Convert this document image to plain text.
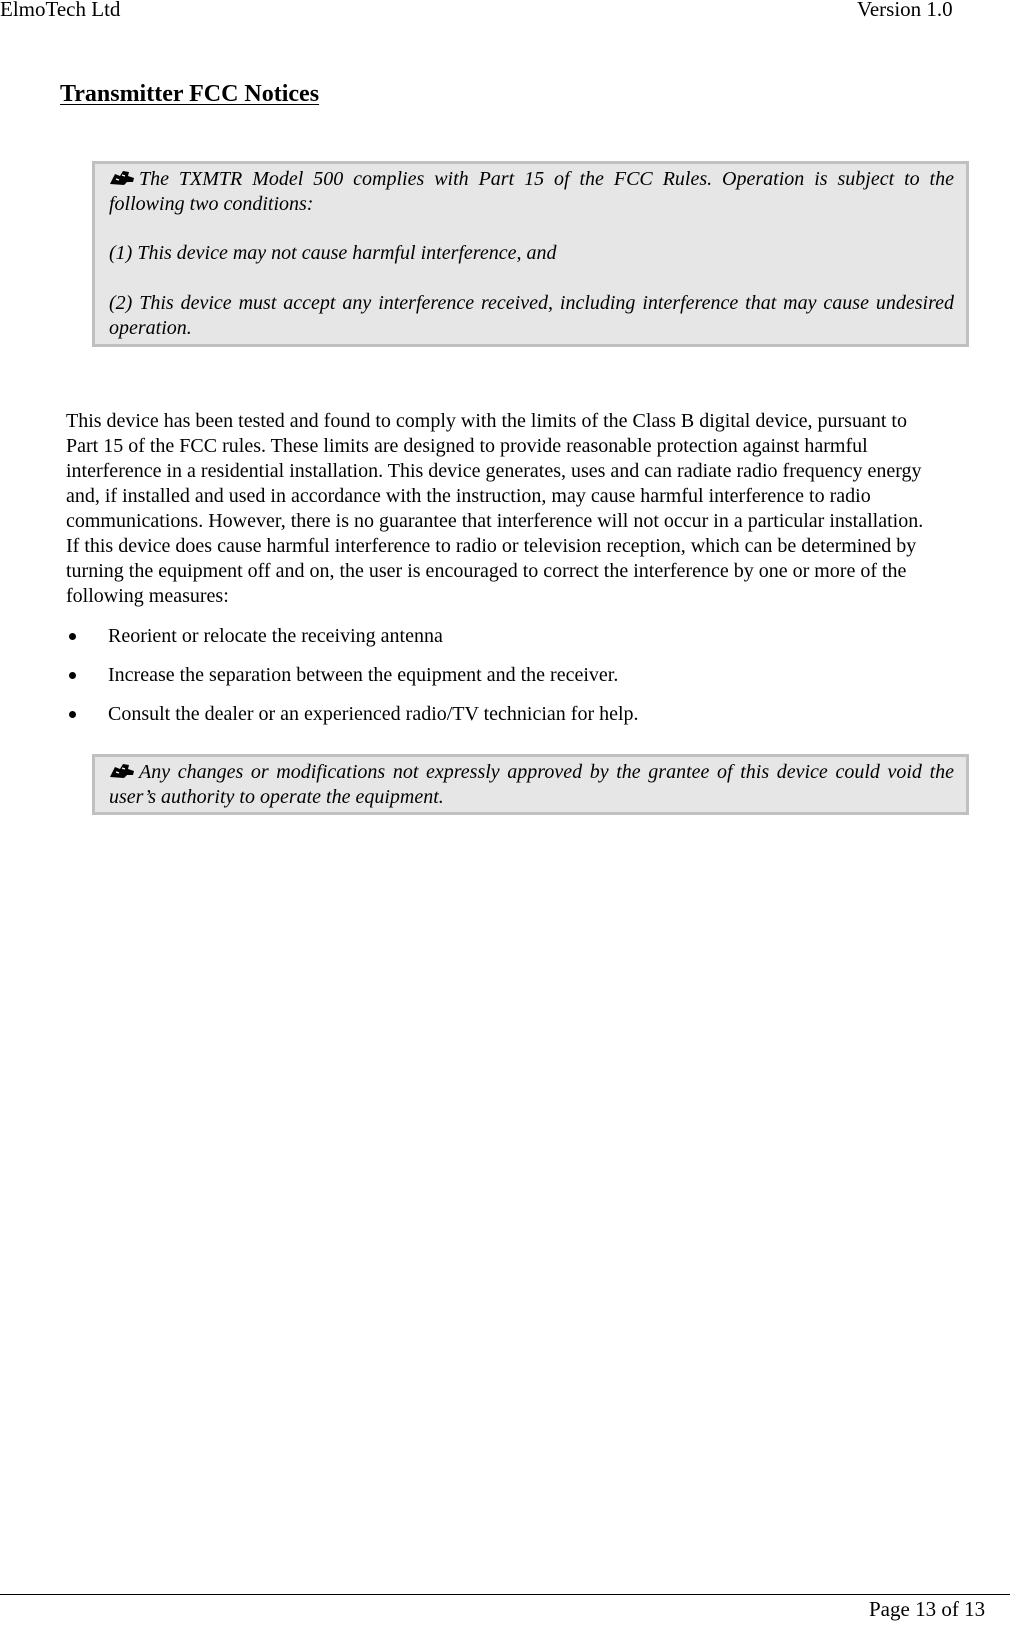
ElmoTech Ltd	Version 1.0
Transmitter FCC Notices

The TXMTR Model 500 complies with Part 15 of the FCC Rules. Operation is subject to the following two conditions:

(1) This device may not cause harmful interference, and

(2) This device must accept any interference received, including interference that may cause undesired operation.

This device has been tested and found to comply with the limits of the Class B digital device, pursuant to
Part 15 of the FCC rules. These limits are designed to provide reasonable protection against harmful
interference in a residential installation. This device generates, uses and can radiate radio frequency energy
and, if installed and used in accordance with the instruction, may cause harmful interference to radio
communications. However, there is no guarantee that interference will not occur in a particular installation.
If this device does cause harmful interference to radio or television reception, which can be determined by
turning the equipment off and on, the user is encouraged to correct the interference by one or more of the
following measures:

Reorient or relocate the receiving antenna
Increase the separation between the equipment and the receiver.
Consult the dealer or an experienced radio/TV technician for help.

Any changes or modifications not expressly approved by the grantee of this device could void the user’s authority to operate the equipment.

Page 13 of 13
